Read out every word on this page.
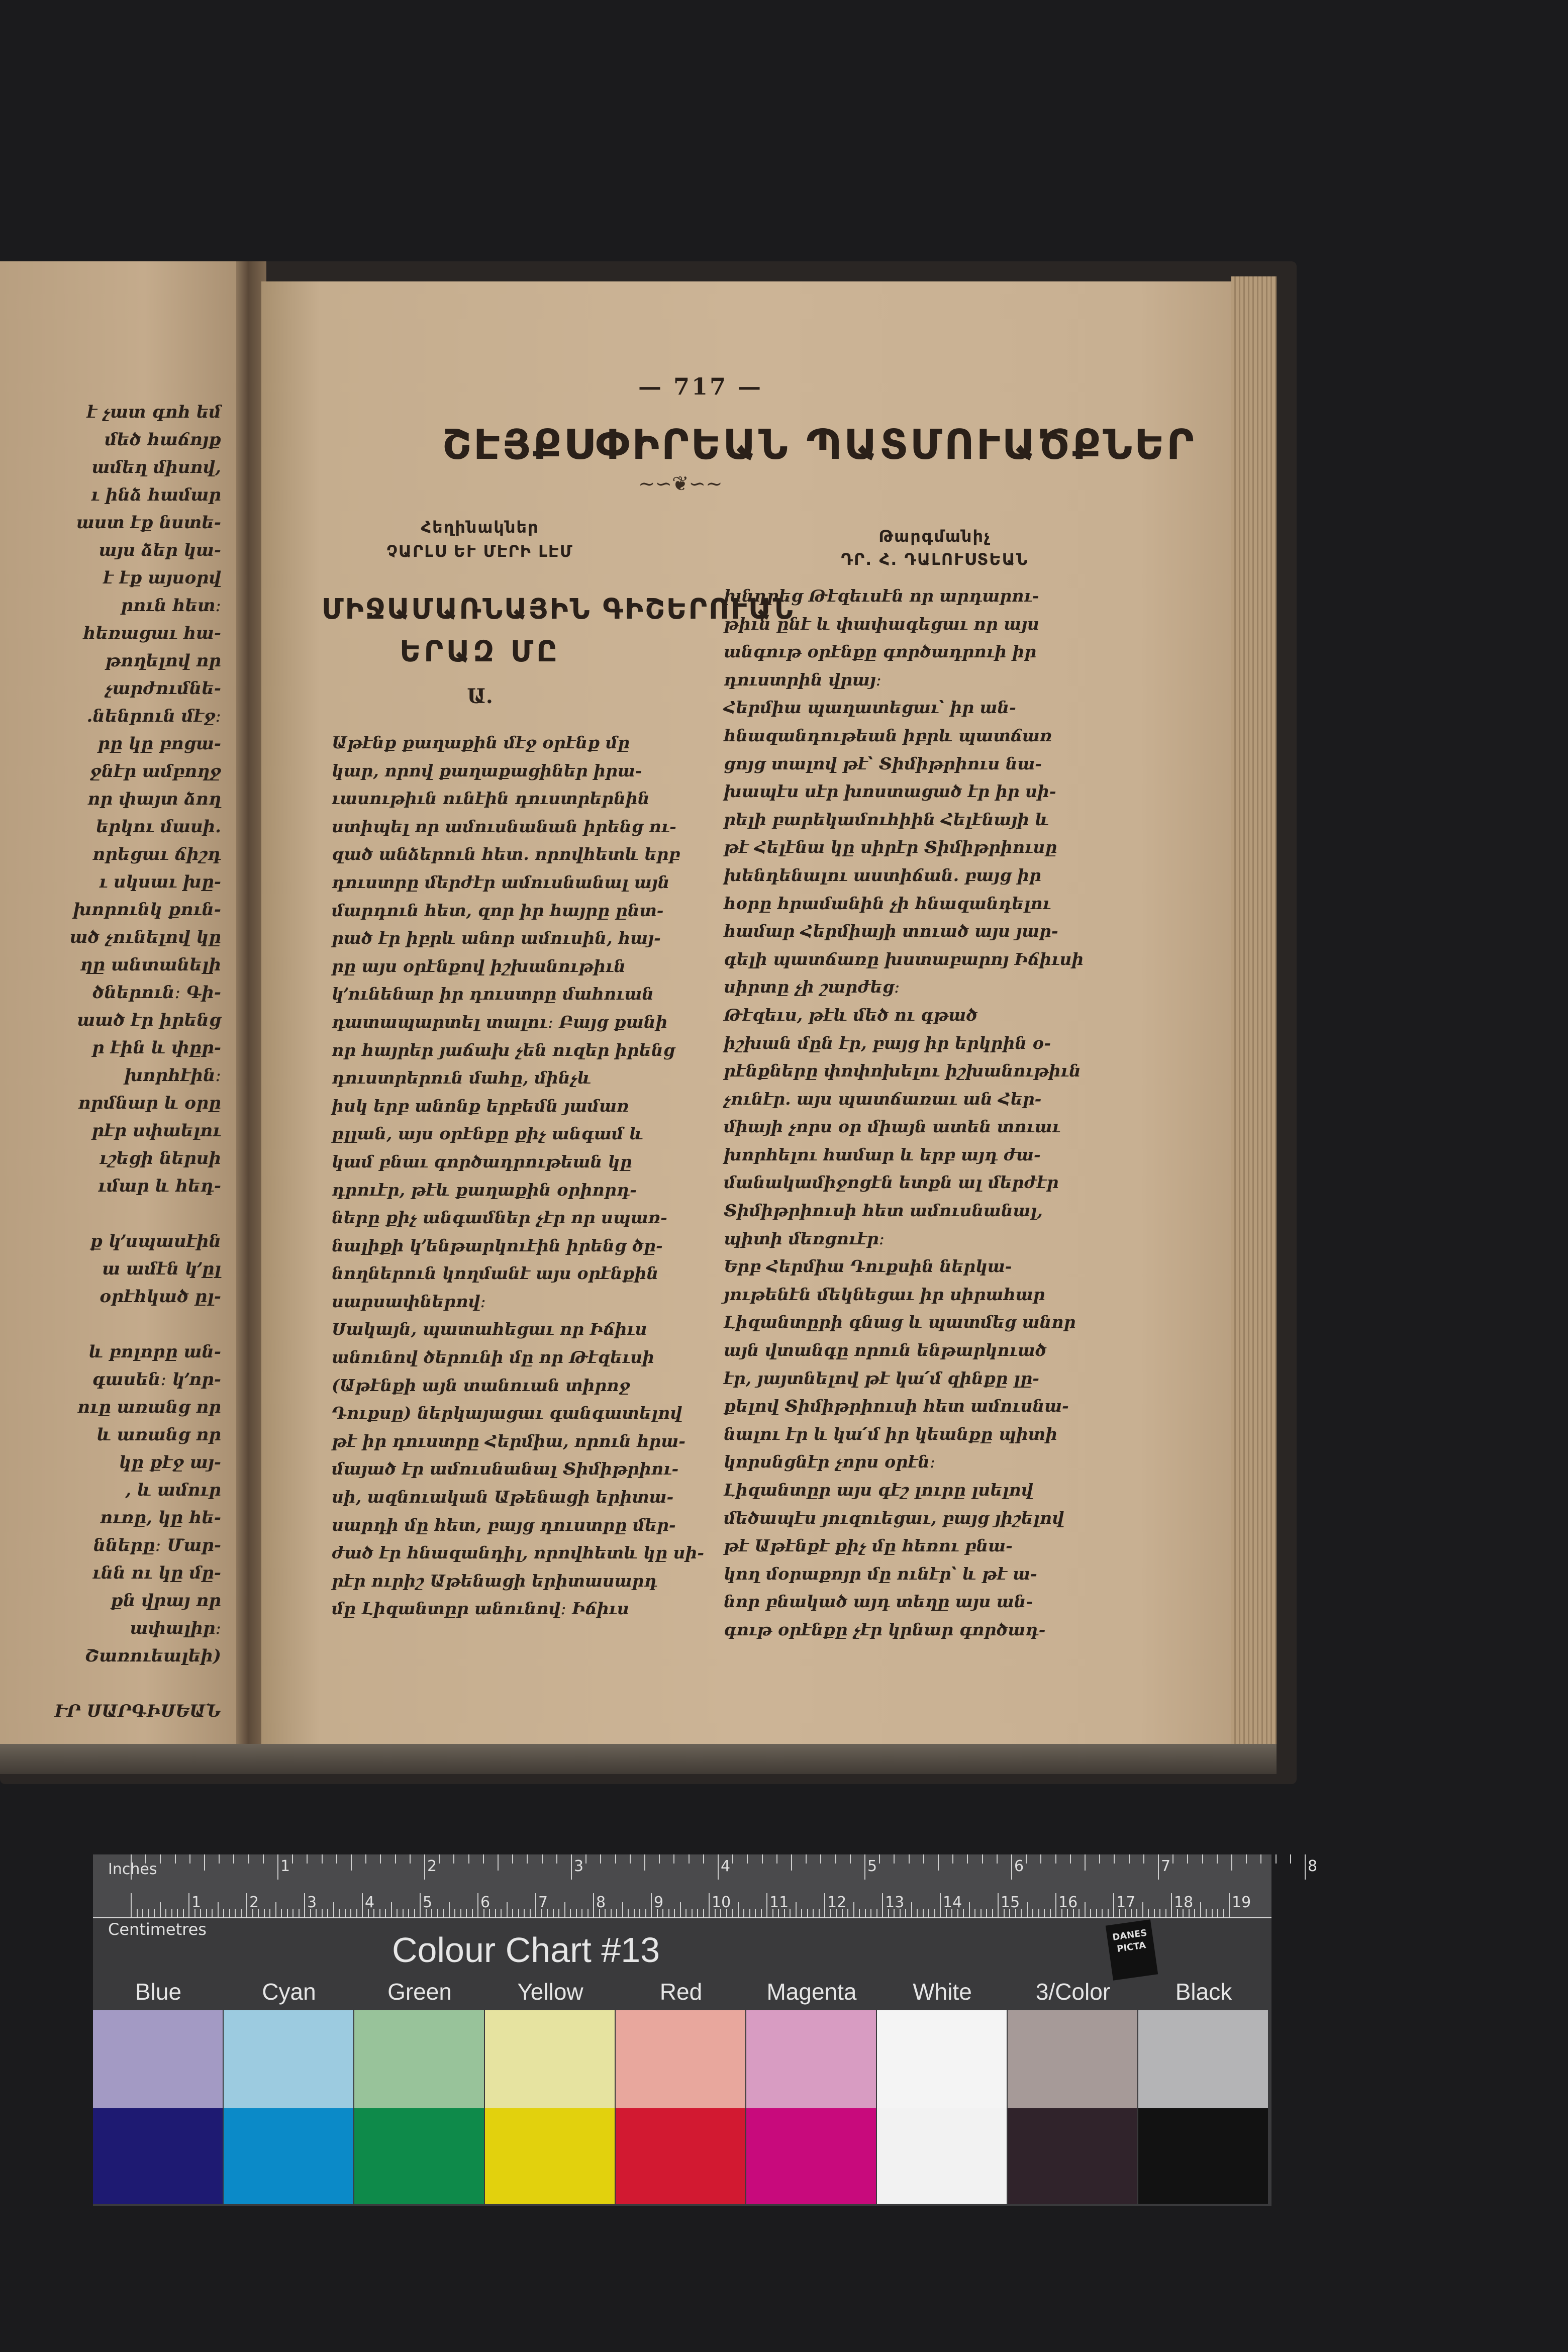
է չատ գոհ եմ
մեծ հաճոյք
ամեղ միսով,
ւ ինձ համար
աստ էք նստե-
այս ձեր կա-
է էք այսօրվ
րուն հետ։
հեռացաւ հա-
թողելով որ
չարժումնե-
.նենրուն մէջ։
րը կը բոցա-
ջնէր ամբողջ
որ փայտ ձող
երկու մասի.
որեցաւ ճիշդ
ւ սկսաւ խը-
խորունկ քուն-
ած չունելով կը
ղը անտանելի
ծներուն։ Գի-
աած էր իրենց
ր էին և փըր-
խորհէին։
որմնար և օրը
րէր սփաելու
ւշեցի ներսի
ւմար և հեդ-
ք կ՚սպասէին
ա ամէն կ՚ըլ
օրէհկած ըլ-
և բոլորը ան-
գասեն։ կ՚որ-
ուը առանց որ
և առանց որ
կը քէջ այ-
, և ամուր
ուռը, կը հե-
նները։ Մար-
ւնն ու կը մը-
քն վրայ որ
ափալիր։
Շառուեալեի)
ՒՐ ՍԱՐԳԻՍԵԱՆ
— 717 —
ՇԷՅՔՍՓԻՐԵԱՆ ՊԱՏՄՈՒԱԾՔՆԵՐ
~∽❦∽~
Հեղինակներ
ՉԱՐԼՍ ԵՒ ՄԷՐԻ ԼԷՄ
Թարգմանիչ
ԴՐ. Հ. ԴԱԼՈՒՍՏԵԱՆ
ՄԻՋԱՄԱՌՆԱՅԻՆ ԳԻՇԵՐՈՒԱՆ
ԵՐԱԶ ՄԸ
Ա.
Աթէնք քաղաքին մէջ օրէնք մը
կար, որով քաղաքացիներ իրա-
ւասութիւն ունէին դուստրերնին
ստիպել որ ամուսնանան իրենց ու-
զած անձերուն հետ. որովհետև երբ
դուստրը մերժէր ամուսնանալ այն
մարդուն հետ, զոր իր հայրը ընտ-
րած էր իբրև անոր ամուսին, հայ-
րը այս օրէնքով իշխանութիւն
կ՚ունենար իր դուստրը մահուան
դատապարտել տալու։ Բայց քանի
որ հայրեր յաճախ չեն ուզեր իրենց
դուստրերուն մահը, մինչև
իսկ երբ անոնք երբեմն յամառ
ըլլան, այս օրէնքը քիչ անգամ և
կամ բնաւ գործադրութեան կը
դրուէր, թէև քաղաքին օրիորդ-
ները քիչ անգամներ չէր որ սպառ-
նալիքի կ՚ենթարկուէին իրենց ծը-
նողներուն կողմանէ այս օրէնքին
սարսափներով։
Սակայն, պատահեցաւ որ Իճիւս
անունով ծերունի մը որ Թէզեւսի
(Աթէնքի այն տանուան տիրոջ
Դուքսը) ներկայացաւ գանգատելով
թէ իր դուստրը Հերմիա, որուն հրա-
մայած էր ամուսնանալ Տիմիթրիու-
սի, ազնուական Աթենացի երիտա-
սարդի մը հետ, բայց դուստրը մեր-
ժած էր հնազանդիլ, որովհետև կը սի-
րէր ուրիշ Աթենացի երիտասարդ
մը Լիզանտըր անունով։ Իճիւս
խնդրեց Թէզեւսէն որ արդարու-
թիւն ընէ և փափագեցաւ որ այս
անգութ օրէնքը գործադրուի իր
դուստրին վրայ։
Հերմիա պաղատեցաւ՝ իր ան-
հնազանդութեան իբրև պատճառ
ցոյց տալով թէ՝ Տիմիթրիուս նա-
խապէս սէր խոստացած էր իր սի-
րելի բարեկամուհիին Հելէնայի և
թէ Հելէնա կը սիրէր Տիմիթրիուսը
խենդենալու աստիճան. բայց իր
հօրը հրամանին չի հնազանդելու
համար Հերմիայի տուած այս յար-
գելի պատճառը խստաբարոյ Իճիւսի
սիրտը չի շարժեց։
Թէզեւս, թէև մեծ ու գթած
իշխան մըն էր, բայց իր երկրին օ-
րէնքները փոփոխելու իշխանութիւն
չունէր. այս պատճառաւ ան Հեր-
միայի չորս օր միայն ատեն տուաւ
խորհելու համար և երբ այդ ժա-
մանակամիջոցէն ետքն ալ մերժէր
Տիմիթրիուսի հետ ամուսնանալ,
պիտի մեռցուէր։
Երբ Հերմիա Դուքսին ներկա-
յութենէն մեկնեցաւ իր սիրահար
Լիզանտըրի գնաց և պատմեց անոր
այն վտանգը որուն ենթարկուած
էր, յայտնելով թէ կա՛մ զինքը լը-
քելով Տիմիթրիուսի հետ ամուսնա-
նալու էր և կա՛մ իր կեանքը պիտի
կորսնցնէր չորս օրէն։
Լիզանտըր այս գէշ լուրը լսելով
մեծապէս յուզուեցաւ, բայց յիշելով
թէ Աթէնքէ քիչ մը հեռու բնա-
կող մօրաքոյր մը ունէր՝ և թէ ա-
նոր բնակած այդ տեղը այս ան-
գութ օրէնքը չէր կրնար գործադ-
1	2	3	4	5	6	7	8
1	2	3	4	5	6	7	8	9	10	11	12	13	14	15	16	17	18	19
Inches
Centimetres
Colour Chart #13	DANES PICTA
Blue	Cyan	Green	Yellow	Red	Magenta	White	3/Color	Black
